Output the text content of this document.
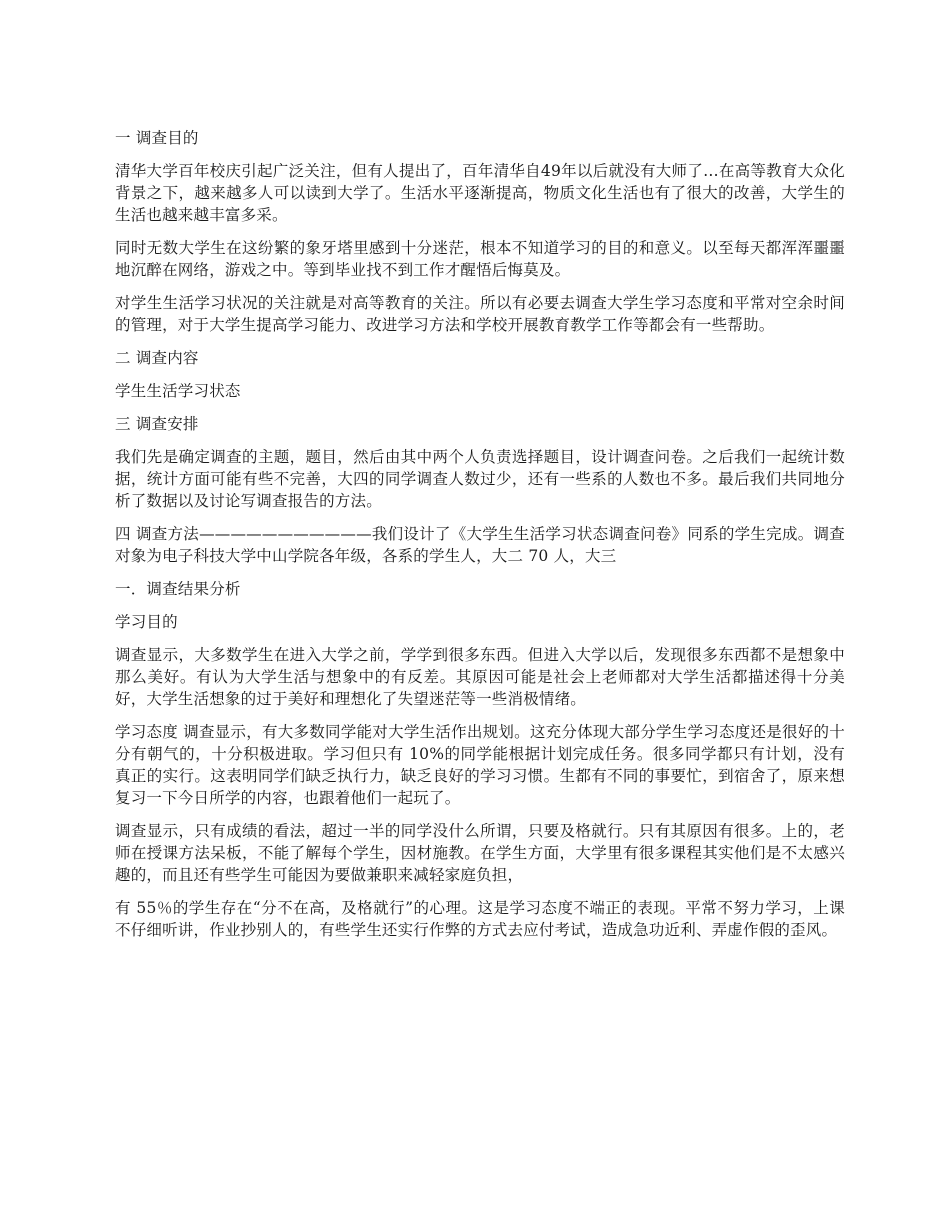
一 调查目的

清华大学百年校庆引起广泛关注，但有人提出了，百年清华自49年以后就没有大师了…在高等教育大众化背景之下，越来越多人可以读到大学了。生活水平逐渐提高，物质文化生活也有了很大的改善，大学生的生活也越来越丰富多采。

同时无数大学生在这纷繁的象牙塔里感到十分迷茫，根本不知道学习的目的和意义。以至每天都浑浑噩噩地沉醉在网络，游戏之中。等到毕业找不到工作才醒悟后悔莫及。

对学生生活学习状况的关注就是对高等教育的关注。所以有必要去调查大学生学习态度和平常对空余时间的管理，对于大学生提高学习能力、改进学习方法和学校开展教育教学工作等都会有一些帮助。

二 调查内容

学生生活学习状态

三 调查安排

我们先是确定调查的主题，题目，然后由其中两个人负责选择题目，设计调查问卷。之后我们一起统计数据，统计方面可能有些不完善，大四的同学调查人数过少，还有一些系的人数也不多。最后我们共同地分析了数据以及讨论写调查报告的方法。

四 调查方法———————————我们设计了《大学生生活学习状态调查问卷》同系的学生完成。调查对象为电子科技大学中山学院各年级，各系的学生人，大二 70 人，大三

一．调查结果分析

学习目的

调查显示，大多数学生在进入大学之前，学学到很多东西。但进入大学以后，发现很多东西都不是想象中那么美好。有认为大学生活与想象中的有反差。其原因可能是社会上老师都对大学生活都描述得十分美好，大学生活想象的过于美好和理想化了失望迷茫等一些消极情绪。

学习态度 调查显示，有大多数同学能对大学生活作出规划。这充分体现大部分学生学习态度还是很好的十分有朝气的，十分积极进取。学习但只有 10%的同学能根据计划完成任务。很多同学都只有计划，没有真正的实行。这表明同学们缺乏执行力，缺乏良好的学习习惯。生都有不同的事要忙，到宿舍了，原来想复习一下今日所学的内容，也跟着他们一起玩了。

调查显示，只有成绩的看法，超过一半的同学没什么所谓，只要及格就行。只有其原因有很多。上的，老师在授课方法呆板，不能了解每个学生，因材施教。在学生方面，大学里有很多课程其实他们是不太感兴趣的，而且还有些学生可能因为要做兼职来减轻家庭负担，

有 55％的学生存在“分不在高，及格就行”的心理。这是学习态度不端正的表现。平常不努力学习，上课不仔细听讲，作业抄别人的，有些学生还实行作弊的方式去应付考试，造成急功近利、弄虚作假的歪风。
